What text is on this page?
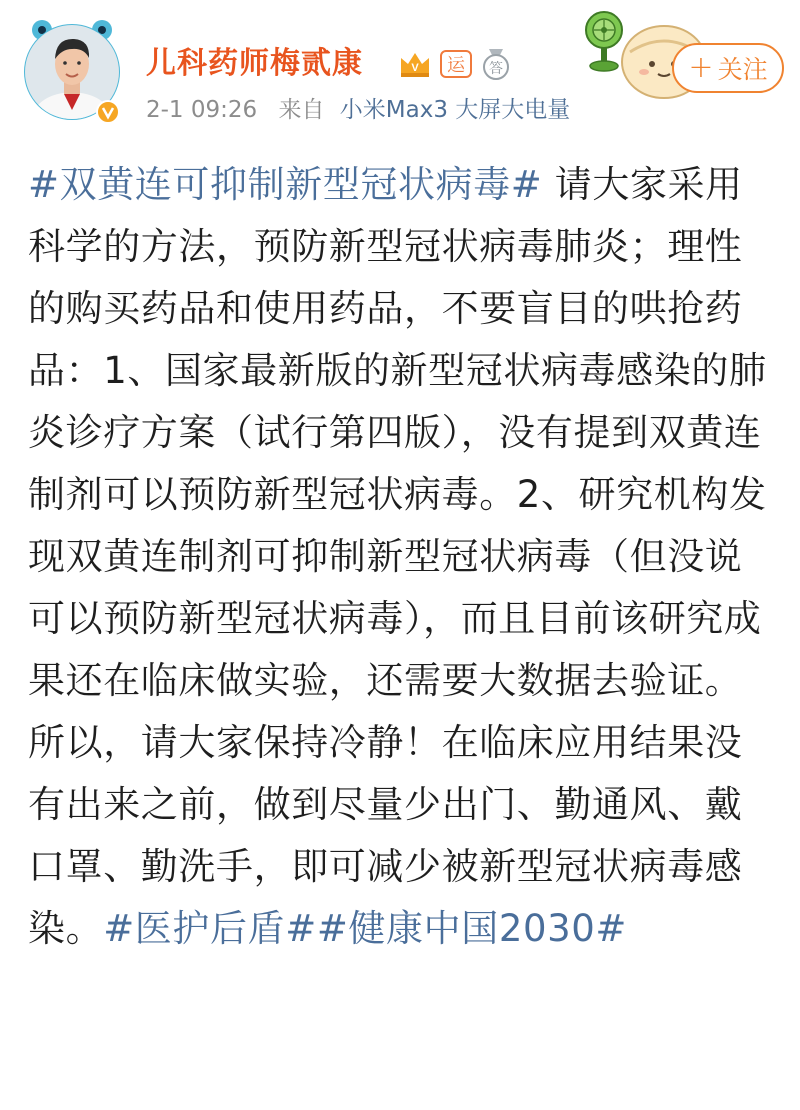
儿科药师梅贰康	V 运 答
2-1 09:26 来自 小米Max3 大屏大电量
+ 关注
#双黄连可抑制新型冠状病毒# 请大家采用科学的方法，预防新型冠状病毒肺炎；理性的购买药品和使用药品，不要盲目的哄抢药品：1、国家最新版的新型冠状病毒感染的肺炎诊疗方案（试行第四版），没有提到双黄连制剂可以预防新型冠状病毒。2、研究机构发现双黄连制剂可抑制新型冠状病毒（但没说可以预防新型冠状病毒），而且目前该研究成果还在临床做实验，还需要大数据去验证。所以，请大家保持冷静！在临床应用结果没有出来之前，做到尽量少出门、勤通风、戴口罩、勤洗手，即可减少被新型冠状病毒感染。#医护后盾##健康中国2030#
